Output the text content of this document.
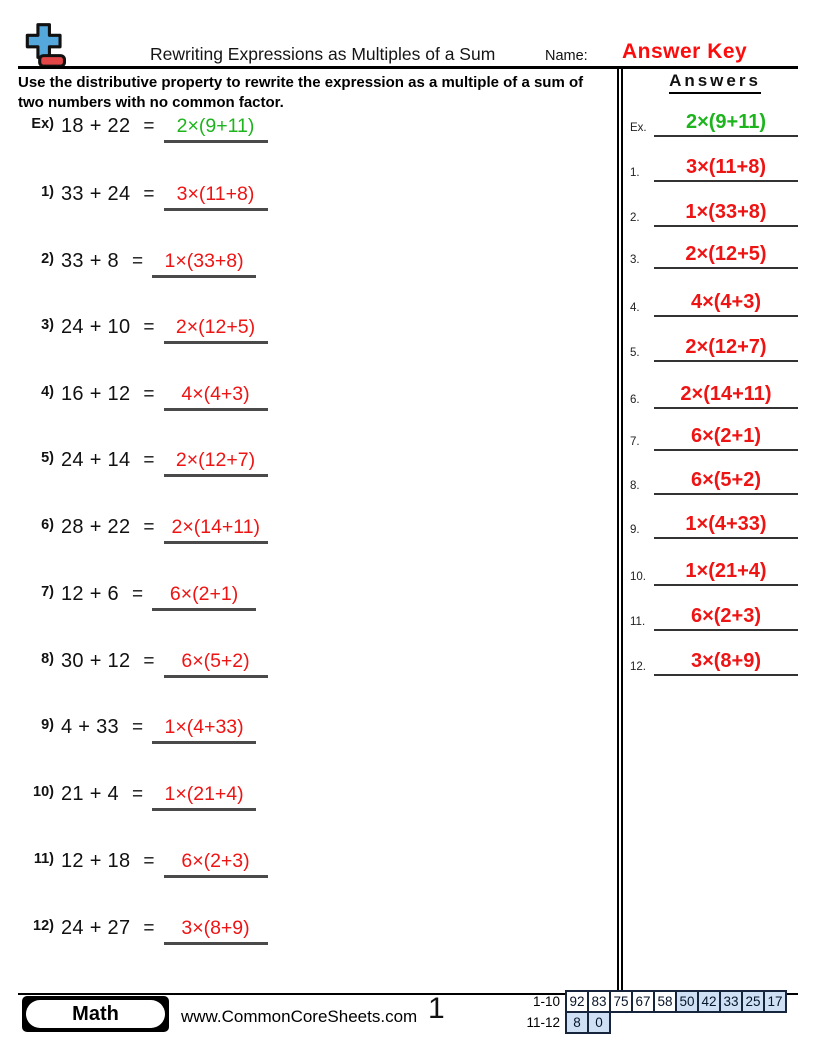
Rewriting Expressions as Multiples of a Sum	Name: Answer Key
Use the distributive property to rewrite the expression as a multiple of a sum of two numbers with no common factor.
Ex) 18 + 22 = 2×(9+11)
1) 33 + 24 = 3×(11+8)
2) 33 + 8 = 1×(33+8)
3) 24 + 10 = 2×(12+5)
4) 16 + 12 = 4×(4+3)
5) 24 + 14 = 2×(12+7)
6) 28 + 22 = 2×(14+11)
7) 12 + 6 = 6×(2+1)
8) 30 + 12 = 6×(5+2)
9) 4 + 33 = 1×(4+33)
10) 21 + 4 = 1×(21+4)
11) 12 + 18 = 6×(2+3)
12) 24 + 27 = 3×(8+9)
Answers
Ex.	2×(9+11)
1.	3×(11+8)
2.	1×(33+8)
3.	2×(12+5)
4.	4×(4+3)
5.	2×(12+7)
6.	2×(14+11)
7.	6×(2+1)
8.	6×(5+2)
9.	1×(4+33)
10.	1×(21+4)
11.	6×(2+3)
12.	3×(8+9)
Math	www.CommonCoreSheets.com 1	1-10 92 83 75 67 58 50 42 33 25 17
11-12 8	0
